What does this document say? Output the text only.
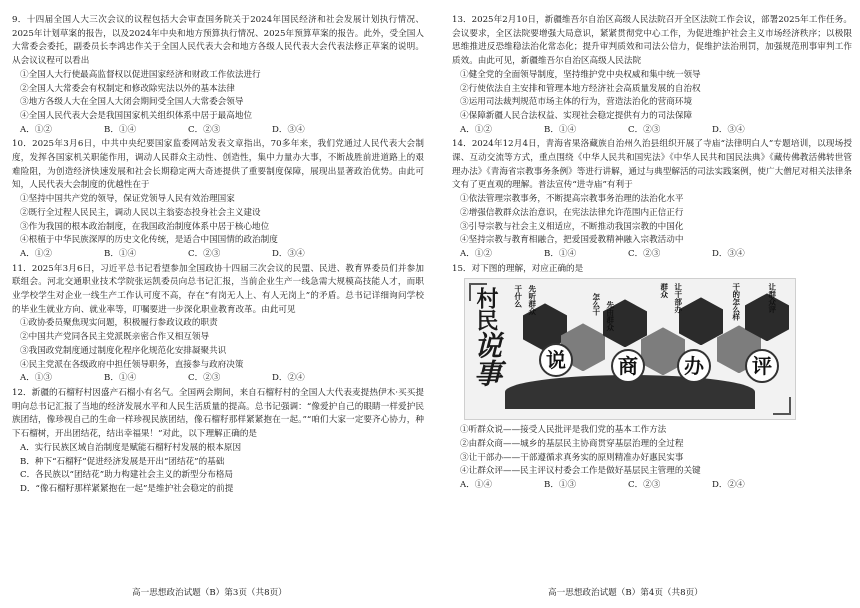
9．十四届全国人大三次会议的议程包括大会审查国务院关于2024年国民经济和社会发展计划执行情况、2025年计划草案的报告，以及2024年中央和地方预算执行情况、2025年预算草案的报告。此外，受全国人大常委会委托，副委员长李鸿忠作关于全国人民代表大会和地方各级人民代表大会代表法修正草案的说明。从会议议程可以看出

①全国人大行使最高监督权以促进国家经济和财政工作依法进行

②全国人大常委会有权制定和修改除宪法以外的基本法律

③地方各级人大在全国人大闭会期间受全国人大常委会领导

④全国人民代表大会是我国国家机关组织体系中居于最高地位

A．①②	B．①④	C．②③	D．③④

10．2025年3月6日，中共中央纪要国家监委网站发表文章指出，70多年来，我们党通过人民代表大会制度，发挥各国家机关职能作用，调动人民群众主动性、创造性，集中力量办大事，不断战胜前进道路上的艰难险阻，为创造经济快速发展和社会长期稳定两大奇迹提供了重要制度保障，展现出显著政治优势。由此可知，人民代表大会制度的优越性在于

①坚持中国共产党的领导，保证党领导人民有效治理国家

②既行全过程人民民主，调动人民以主翁姿态投身社会主义建设

③作为我国的根本政治制度，在我国政治制度体系中居于核心地位

④根植于中华民族深厚的历史文化传统，是适合中国国情的政治制度

A．①②	B．①④	C．②③	D．③④

11．2025年3月6日，习近平总书记看望参加全国政协十四届三次会议的民盟、民进、教育界委员们并参加联组会。河北交通职业技术学院张运凯委员向总书记汇报，当前企业生产一线急需大规模高技能人才，而职业学校学生对企业一线生产工作认可度不高，存在“有岗无人上、有人无岗上”的矛盾。总书记详细询问学校的毕业生就业方向、就业率等，叮嘱要进一步深化职业教育改革。由此可见

①政协委员聚焦现实问题，积极履行参政议政的职责

②中国共产党同各民主党派既亲密合作又相互领导

③我国政党制度通过制度化程序化规范化安排凝聚共识

④民主党派在各级政府中担任领导职务，直接参与政府决策

A．①③	B．①④	C．②③	D．②④

12．新疆的石榴籽村因盛产石榴小有名气。全国两会期间，来自石榴籽村的全国人大代表麦提热伊木·买买提明向总书记汇报了当地的经济发展水平和人民生活质量的提高。总书记强调：“像爱护自己的眼睛一样爱护民族团结，像珍视自己的生命一样珍视民族团结，像石榴籽那样紧紧抱在一起。”“咱们大家一定要齐心协力，种下石榴树，开出团结花，结出幸福果！”对此，以下理解正确的是

A．实行民族区域自治制度是赋能石榴籽村发展的根本原因

B．种下“石榴籽”促进经济发展是开出“团结花”的基础

C．各民族以“团结花”助力构建社会主义的新型分布格局

D．“像石榴籽那样紧紧抱在一起”是维护社会稳定的前提

高一思想政治试题（B）第3页（共8页）

13．2025年2月10日，新疆维吾尔自治区高级人民法院召开全区法院工作会议，部署2025年工作任务。会议要求，全区法院要增强大局意识，紧紧贯彻党中心工作，为促进维护社会主义市场经济秩序；以极限思维推进反恐维稳法治化常态化；提升审判质效和司法公信力，促维护法治刑罚，加强规范刑事审判工作质效。由此可见，新疆维吾尔自治区高级人民法院

①健全党的全面领导制度，坚持维护党中央权威和集中统一领导

②行使依法自主安排和管理本地方经济社会高质量发展的自治权

③运用司法裁判规范市场主体的行为，营造法治化的营商环境

④保障新疆人民合法权益、实现社会稳定提供有力的司法保障

A．①②	B．①④	C．②③	D．③④

14．2024年12月4日，青海省果洛藏族自治州久治县组织开展了寺庙“法律明白人”专题培训，以现场授课、互动交流等方式，重点围绕《中华人民共和国宪法》《中华人民共和国民法典》《藏传佛教活佛转世管理办法》《青海省宗教事务条例》等进行讲解，通过与典型解活的司法实践案例，使广大僧尼对相关法律条文有了更直观的理解。普法宣传“进寺庙”有利于

①依法管理宗教事务，不断提高宗教事务治理的法治化水平

②增强信教群众法治意识，在宪法法律允许范围内正信正行

③引导宗教与社会主义相适应，不断推动我国宗教的中国化

④坚持宗教与教育相融合，把爱国爱教精神融入宗教活动中

A．①②	B．①④	C．②③	D．③④

15．对下图的理解，对应正确的是

村民
说事	说	商	办	评
干什么 先听群众	怎么干 先由群众
群众 让干部办	干的怎么样	让群众评

①听群众说——接受人民批评是我们党的基本工作方法

②由群众商——城乡的基层民主协商贯穿基层治理的全过程

③让干部办——干部遵循求真务实的原则精准办好惠民实事

④让群众评——民主评议村委会工作是做好基层民主管理的关键

A．①④	B．①③	C．②③	D．②④
高一思想政治试题（B）第4页（共8页）
